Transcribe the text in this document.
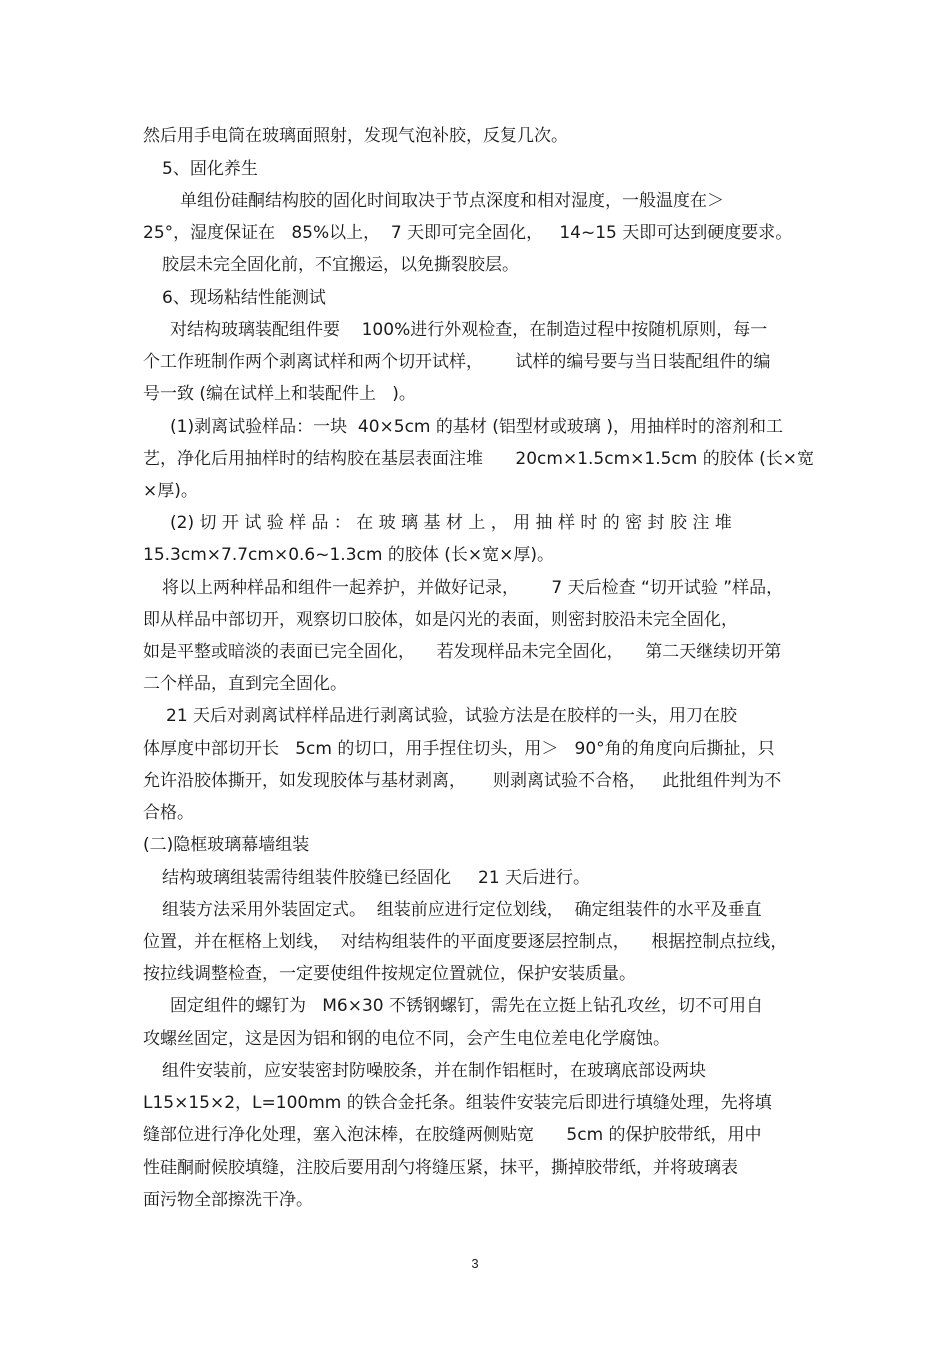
然后用手电筒在玻璃面照射，发现气泡补胶，反复几次。
5、固化养生
单组份硅酮结构胶的固化时间取决于节点深度和相对湿度，一般温度在＞
25°，湿度保证在   85%以上，  7 天即可完全固化，   14~15 天即可达到硬度要求。
胶层未完全固化前，不宜搬运，以免撕裂胶层。
6、现场粘结性能测试
对结构玻璃装配组件要    100%进行外观检查，在制造过程中按随机原则，每一
个工作班制作两个剥离试样和两个切开试样，      试样的编号要与当日装配组件的编
号一致 (编在试样上和装配件上   )。
(1)剥离试验样品：一块  40×5cm 的基材 (铝型材或玻璃 )，用抽样时的溶剂和工
艺，净化后用抽样时的结构胶在基层表面注堆      20cm×1.5cm×1.5cm 的胶体 (长×宽
×厚)。
(2) 切 开 试 验 样 品 ： 在 玻 璃 基 材 上 ， 用 抽 样 时 的 密 封 胶 注 堆
15.3cm×7.7cm×0.6~1.3cm 的胶体 (长×宽×厚)。
将以上两种样品和组件一起养护，并做好记录，      7 天后检查 “切开试验 ”样品，
即从样品中部切开，观察切口胶体，如是闪光的表面，则密封胶沿未完全固化，
如是平整或暗淡的表面已完全固化，    若发现样品未完全固化，    第二天继续切开第
二个样品，直到完全固化。
21 天后对剥离试样样品进行剥离试验，试验方法是在胶样的一头，用刀在胶
体厚度中部切开长   5cm 的切口，用手捏住切头，用＞   90°角的角度向后撕扯，只
允许沿胶体撕开，如发现胶体与基材剥离，     则剥离试验不合格，   此批组件判为不
合格。
(二)隐框玻璃幕墙组装
结构玻璃组装需待组装件胶缝已经固化     21 天后进行。
组装方法采用外装固定式。  组装前应进行定位划线，  确定组装件的水平及垂直
位置，并在框格上划线，  对结构组装件的平面度要逐层控制点，    根据控制点拉线，
按拉线调整检查，一定要使组件按规定位置就位，保护安装质量。
固定组件的螺钉为   M6×30 不锈钢螺钉，需先在立挺上钻孔攻丝，切不可用自
攻螺丝固定，这是因为铝和钢的电位不同，会产生电位差电化学腐蚀。
组件安装前，应安装密封防噪胶条，并在制作铝框时，在玻璃底部设两块
L15×15×2，L=100mm 的铁合金托条。组装件安装完后即进行填缝处理，先将填
缝部位进行净化处理，塞入泡沫棒，在胶缝两侧贴宽      5cm 的保护胶带纸，用中
性硅酮耐候胶填缝，注胶后要用刮勺将缝压紧，抹平，撕掉胶带纸，并将玻璃表
面污物全部擦洗干净。
3
